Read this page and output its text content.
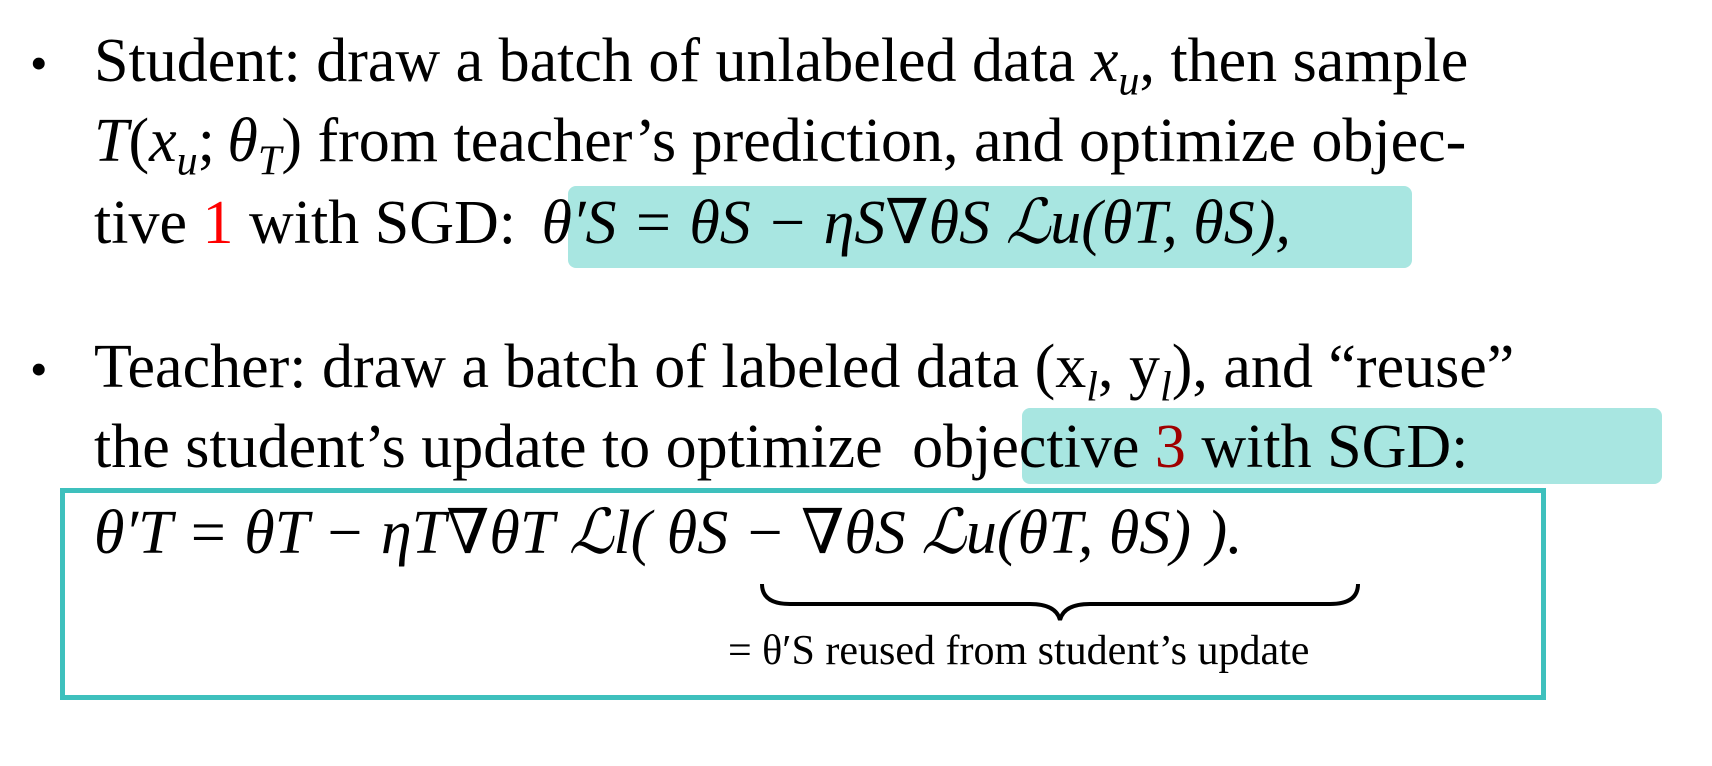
• Student: draw a batch of unlabeled data $x_u$, then sample
$T(x_u$; $\theta_T$) from teacher’s prediction, and optimize objec-
tive 1 with SGD: θ′S = θS − ηS∇θS ℒu(θT, θS),
• Teacher: draw a batch of labeled data ($x_l$, $y_l$), and “reuse”
the student’s update to optimize objective 3 with SGD:
θ′T = θT − ηT∇θT ℒl( θS − ∇θS ℒu(θT, θS) ).
= θ′S reused from student’s update
